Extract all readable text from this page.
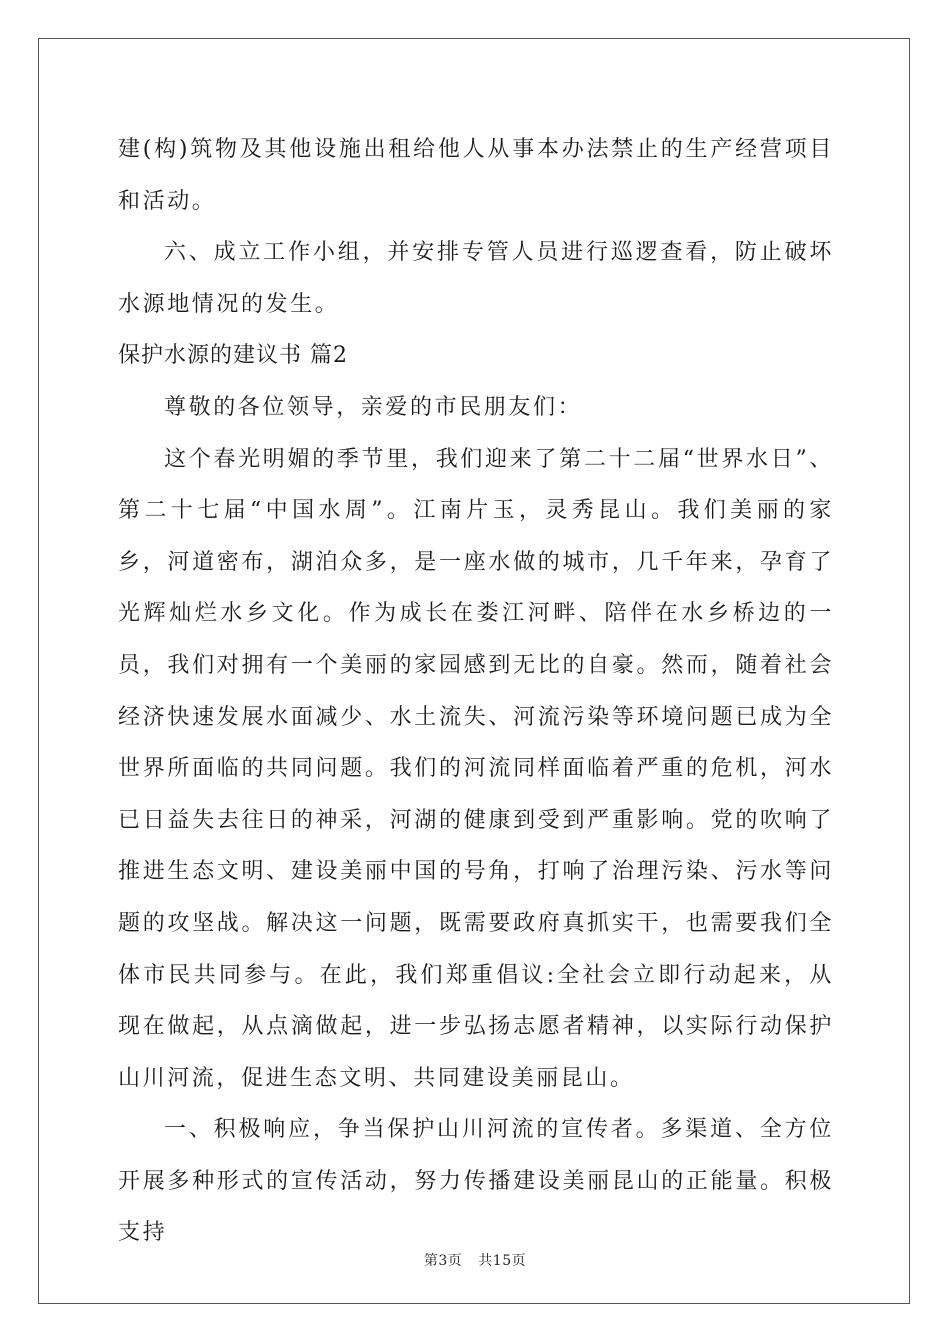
建(构)筑物及其他设施出租给他人从事本办法禁止的生产经营项目和活动。

六、成立工作小组，并安排专管人员进行巡逻查看，防止破坏水源地情况的发生。

保护水源的建议书 篇2

尊敬的各位领导，亲爱的市民朋友们：

这个春光明媚的季节里，我们迎来了第二十二届“世界水日”、第二十七届“中国水周”。江南片玉，灵秀昆山。我们美丽的家乡，河道密布，湖泊众多，是一座水做的城市，几千年来，孕育了光辉灿烂水乡文化。作为成长在娄江河畔、陪伴在水乡桥边的一员，我们对拥有一个美丽的家园感到无比的自豪。然而，随着社会经济快速发展水面减少、水土流失、河流污染等环境问题已成为全世界所面临的共同问题。我们的河流同样面临着严重的危机，河水已日益失去往日的神采，河湖的健康到受到严重影响。党的吹响了推进生态文明、建设美丽中国的号角，打响了治理污染、污水等问题的攻坚战。解决这一问题，既需要政府真抓实干，也需要我们全体市民共同参与。在此，我们郑重倡议:全社会立即行动起来，从现在做起，从点滴做起，进一步弘扬志愿者精神，以实际行动保护山川河流，促进生态文明、共同建设美丽昆山。

一、积极响应，争当保护山川河流的宣传者。多渠道、全方位开展多种形式的宣传活动，努力传播建设美丽昆山的正能量。积极支持

第3页 共15页
